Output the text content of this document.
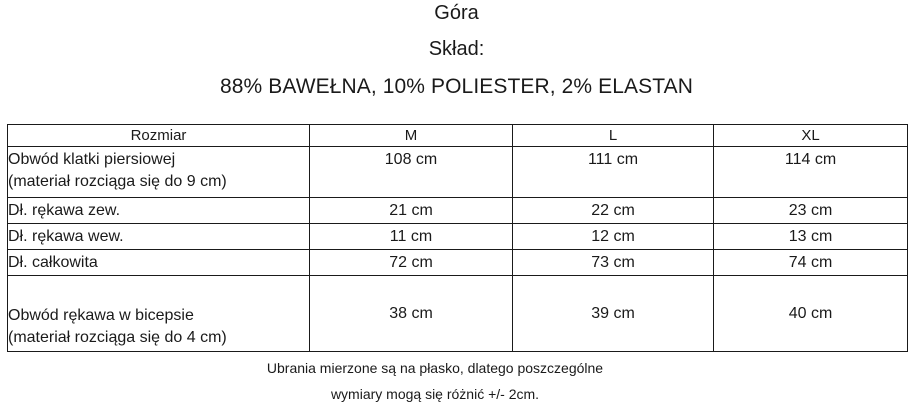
Góra
Skład:
88% BAWEŁNA, 10% POLIESTER, 2% ELASTAN
Rozmiar	M	L	XL

Obwód klatki piersiowej
(materiał rozciąga się do 9 cm)	108 cm	111 cm	114 cm

Dł. rękawa zew.	21 cm	22 cm	23 cm

Dł. rękawa wew.	11 cm	12 cm	13 cm

Dł. całkowita	72 cm	73 cm	74 cm

Obwód rękawa w bicepsie
(materiał rozciąga się do 4 cm)	38 cm	39 cm	40 cm
Ubrania mierzone są na płasko, dlatego poszczególne
wymiary mogą się różnić +/- 2cm.
